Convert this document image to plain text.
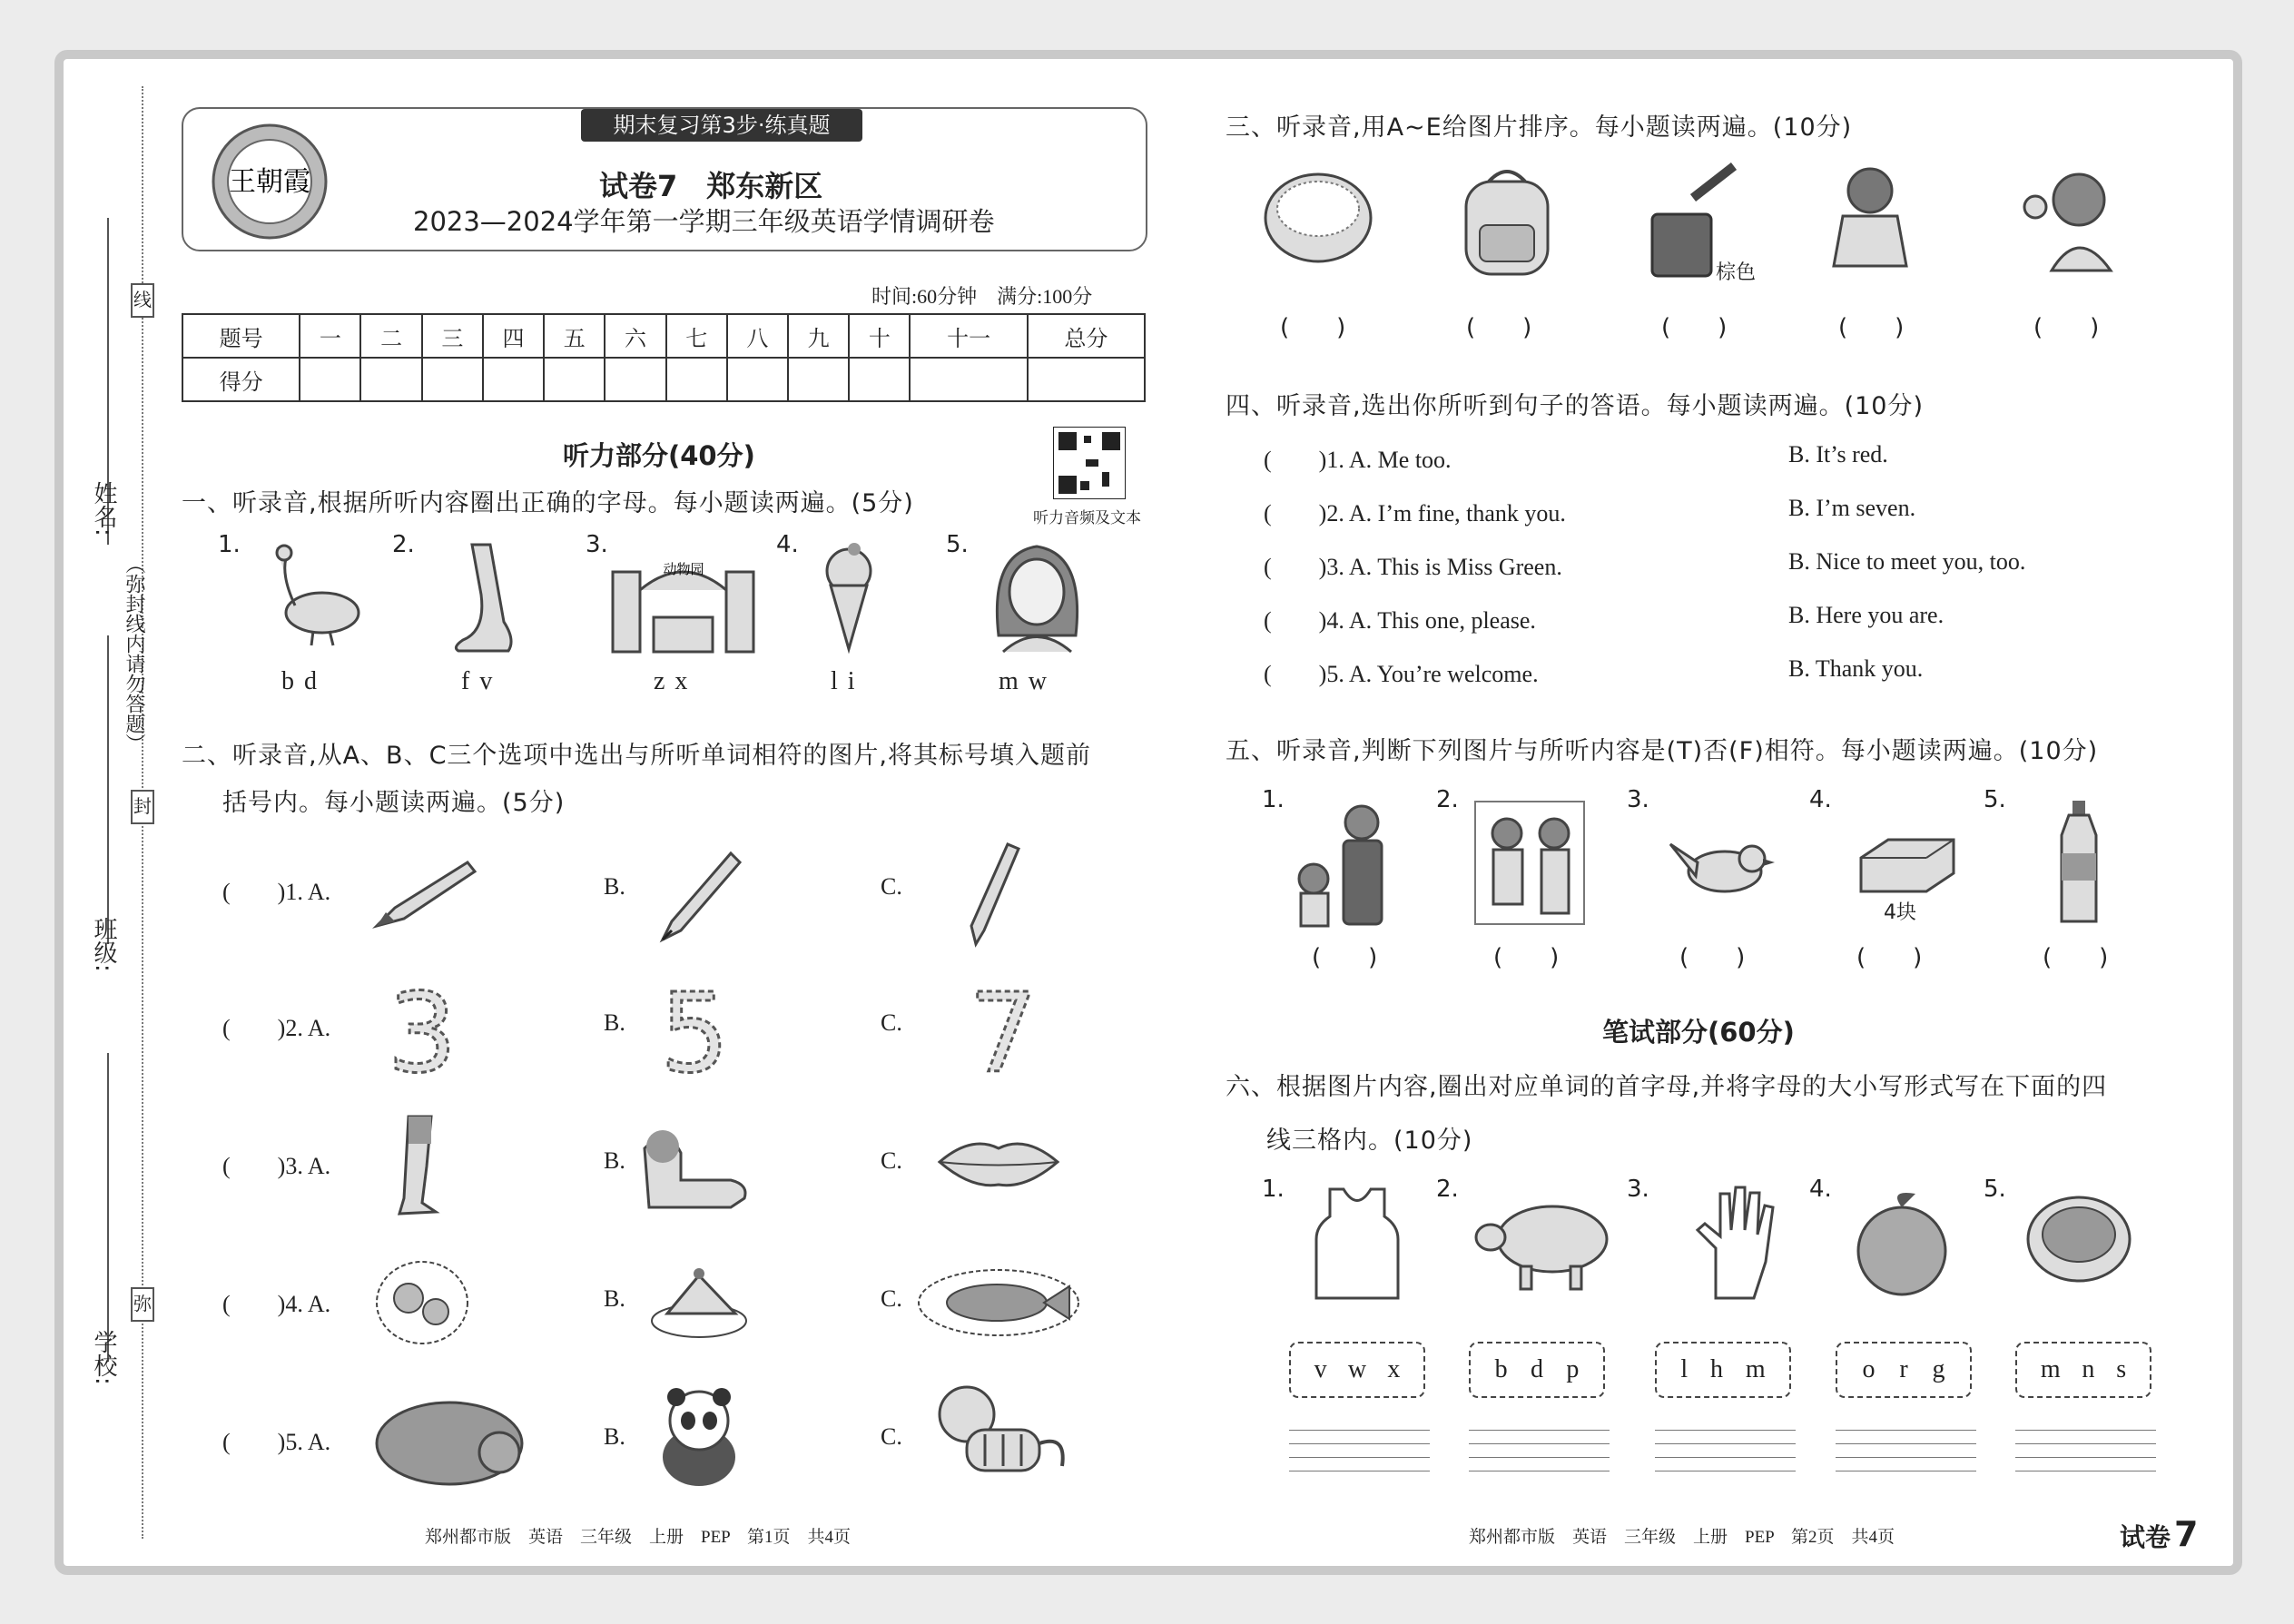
线
封
弥
（弥封线内请勿答题）
姓名:
班级:
学校:
王朝霞
期末复习第3步·练真题
试卷7　郑东新区
2023—2024学年第一学期三年级英语学情调研卷
时间:60分钟　满分:100分
题号	一	二	三	四	五	六	七	八	九	十	十一	总分
得分												
听力部分(40分)
听力音频及文本
一、听录音,根据所听内容圈出正确的字母。每小题读两遍。(5分)
1.
b d
2.
f v
3.
动物园
z x
4.
l i
5.
m w
二、听录音,从A、B、C三个选项中选出与所听单词相符的图片,将其标号填入题前
括号内。每小题读两遍。(5分)
(　　)1. A.	B.	C.
(　　)2. A. 3	B. 5	C. 7
(　　)3. A.	B.	C.
(　　)4. A.	B.	C.
(　　)5. A.	B.	C.
郑州都市版　英语　三年级　上册　PEP　第1页　共4页
三、听录音,用A~E给图片排序。每小题读两遍。(10分)
棕色
(　　)	(　　)	(　　)	(　　)	(　　)
四、听录音,选出你所听到句子的答语。每小题读两遍。(10分)
(　　)1. A. Me too.	B. It’s red.
(　　)2. A. I’m fine, thank you.	B. I’m seven.
(　　)3. A. This is Miss Green.	B. Nice to meet you, too.
(　　)4. A. This one, please.	B. Here you are.
(　　)5. A. You’re welcome.	B. Thank you.
五、听录音,判断下列图片与所听内容是(T)否(F)相符。每小题读两遍。(10分)
1.	2.	3.	4.
4块
5.
(　　)	(　　)	(　　)	(　　)	(　　)
笔试部分(60分)
六、根据图片内容,圈出对应单词的首字母,并将字母的大小写形式写在下面的四
线三格内。(10分)
1.	2.	3.	4.	5.
v w x	b d p	l h m	o r g	m n s
郑州都市版　英语　三年级　上册　PEP　第2页　共4页	试卷 7
